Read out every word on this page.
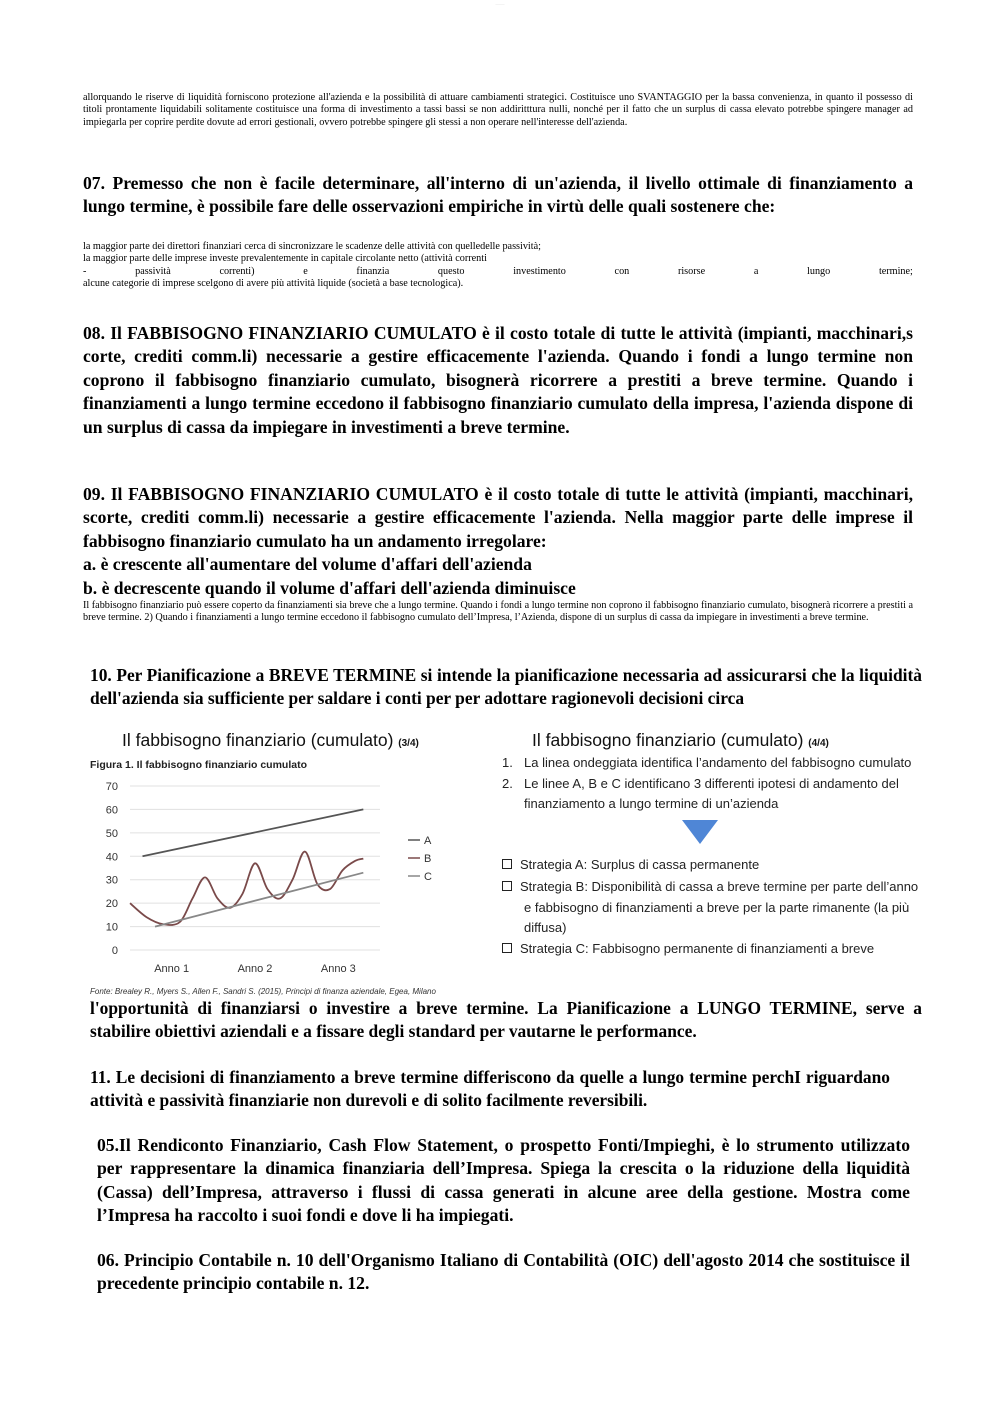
———

allorquando le riserve di liquidità forniscono protezione all'azienda e la possibilità di attuare cambiamenti strategici. Costituisce uno SVANTAGGIO per la bassa convenienza, in quanto il possesso di titoli prontamente liquidabili solitamente costituisce una forma di investimento a tassi bassi se non addiritttura nulli, nonché per il fatto che un surplus di cassa elevato potrebbe spingere manager ad impiegarla per coprire perdite dovute ad errori gestionali, ovvero potrebbe spingere gli stessi a non operare nell'interesse dell'azienda.

07. Premesso che non è facile determinare, all'interno di un'azienda, il livello ottimale di finanziamento a lungo termine, è possibile fare delle osservazioni empiriche in virtù delle quali sostenere che:

la maggior parte dei direttori finanziari cerca di sincronizzare le scadenze delle attività con quelledelle passività;

la maggior parte delle imprese investe prevalentemente in capitale circolante netto (attività correnti

-	passività	correnti)	e	finanzia	questo	investimento	con	risorse	a	lungo	termine;

alcune categorie di imprese scelgono di avere più attività liquide (società a base tecnologica).

08. Il FABBISOGNO FINANZIARIO CUMULATO è il costo totale di tutte le attività (impianti, macchinari,s corte, crediti comm.li) necessarie a gestire efficacemente l'azienda. Quando i fondi a lungo termine non coprono il fabbisogno finanziario cumulato, bisognerà ricorrere a prestiti a breve termine. Quando i finanziamenti a lungo termine eccedono il fabbisogno finanziario cumulato della impresa, l'azienda dispone di un surplus di cassa da impiegare in investimenti a breve termine.

09. Il FABBISOGNO FINANZIARIO CUMULATO è il costo totale di tutte le attività (impianti, macchinari, scorte, crediti comm.li) necessarie a gestire efficacemente l'azienda. Nella maggior parte delle imprese il fabbisogno finanziario cumulato ha un andamento irregolare:

a. è crescente all'aumentare del volume d'affari dell'azienda

b. è decrescente quando il volume d'affari dell'azienda diminuisce

Il fabbisogno finanziario può essere coperto da finanziamenti sia breve che a lungo termine. Quando i fondi a lungo termine non coprono il fabbisogno finanziario cumulato, bisognerà ricorrere a prestiti a breve termine. 2) Quando i finanziamenti a lungo termine eccedono il fabbisogno cumulato dell’Impresa, l’Azienda, dispone di un surplus di cassa da impiegare in investimenti a breve termine.
10. Per Pianificazione a BREVE TERMINE si intende la pianificazione necessaria ad assicurarsi che la liquidità dell'azienda sia sufficiente per saldare i conti per per adottare ragionevoli decisioni circa
Il fabbisogno finanziario (cumulato) (3/4)
Figura 1. Il fabbisogno finanziario cumulato
0
10
20
30
40
50
60
70
Anno 1	Anno 2	Anno 3
A
B
C
Fonte: Brealey R., Myers S., Allen F., Sandri S. (2015), Principi di finanza aziendale, Egea, Milano
Il fabbisogno finanziario (cumulato) (4/4)
1. La linea ondeggiata identifica l’andamento del fabbisogno cumulato
2. Le linee A, B e C identificano 3 differenti ipotesi di andamento del
finanziamento a lungo termine di un’azienda
Strategia A: Surplus di cassa permanente
Strategia B: Disponibilità di cassa a breve termine per parte dell’anno
e fabbisogno di finanziamenti a breve per la parte rimanente (la più
diffusa)
Strategia C: Fabbisogno permanente di finanziamenti a breve
l'opportunità di finanziarsi o investire a breve termine. La Pianificazione a LUNGO TERMINE, serve a stabilire obiettivi aziendali e a fissare degli standard per vautarne le performance.
11. Le decisioni di finanziamento a breve termine differiscono da quelle a lungo termine perchI riguardano attività e passività finanziarie non durevoli e di solito facilmente reversibili.
05.Il Rendiconto Finanziario, Cash Flow Statement, o prospetto Fonti/Impieghi, è lo strumento utilizzato per rappresentare la dinamica finanziaria dell’Impresa. Spiega la crescita o la riduzione della liquidità (Cassa) dell’Impresa, attraverso i flussi di cassa generati in alcune aree della gestione. Mostra come l’Impresa ha raccolto i suoi fondi e dove li ha impiegati.
06. Principio Contabile n. 10 dell'Organismo Italiano di Contabilità (OIC) dell'agosto 2014 che sostituisce il precedente principio contabile n. 12.
